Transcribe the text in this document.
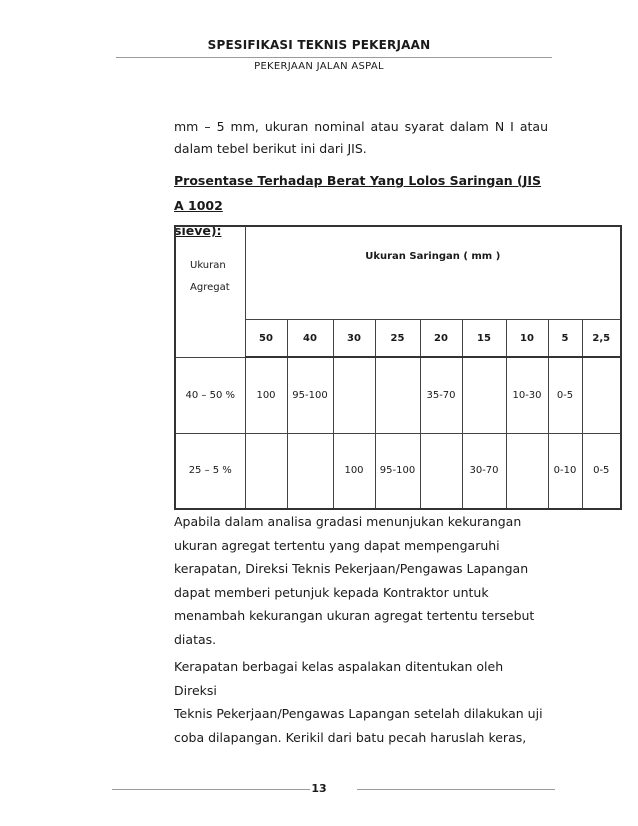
SPESIFIKASI TEKNIS PEKERJAAN
PEKERJAAN JALAN ASPAL
mm – 5 mm, ukuran nominal atau syarat dalam N I atau
dalam tebel berikut ini dari JIS.
Prosentase Terhadap Berat Yang Lolos Saringan (JIS A 1002
sieve):
Ukuran Agregat	Ukuran Saringan ( mm )								
	50	40	30	25	20	15	10	5	2,5
40 – 50 %	100	95-100			35-70		10-30	0-5	
25 – 5 %			100	95-100		30-70		0-10	0-5
Apabila dalam analisa gradasi menunjukan kekurangan
ukuran agregat tertentu yang dapat mempengaruhi
kerapatan, Direksi Teknis Pekerjaan/Pengawas Lapangan
dapat memberi petunjuk kepada Kontraktor untuk
menambah kekurangan ukuran agregat tertentu tersebut
diatas.
Kerapatan berbagai kelas aspalakan ditentukan oleh Direksi
Teknis Pekerjaan/Pengawas Lapangan setelah dilakukan uji
coba dilapangan. Kerikil dari batu pecah haruslah keras,
13
